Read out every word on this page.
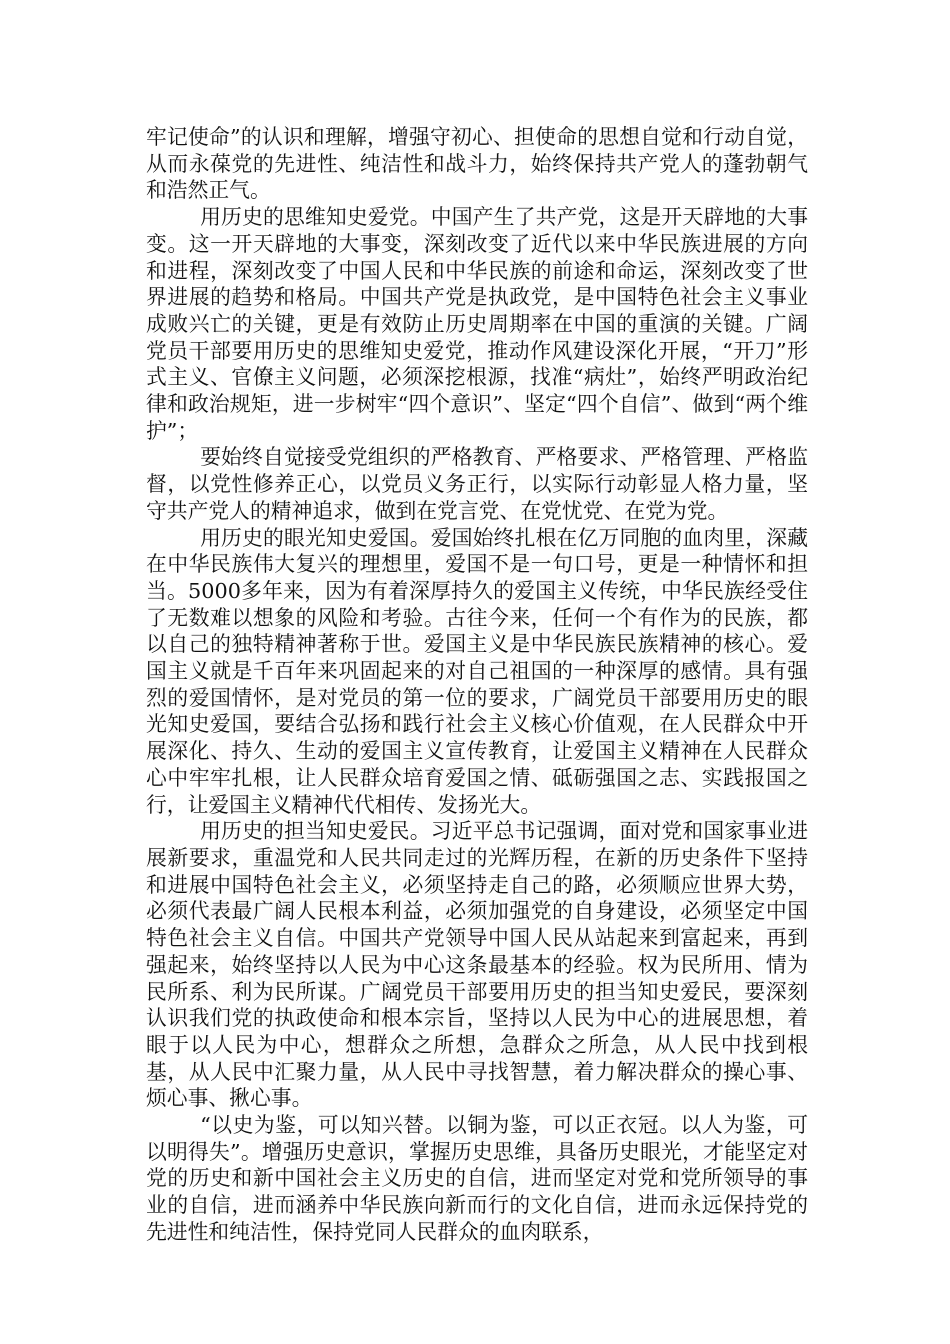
牢记使命”的认识和理解，增强守初心、担使命的思想自觉和行动自觉，从而永葆党的先进性、纯洁性和战斗力，始终保持共产党人的蓬勃朝气和浩然正气。

用历史的思维知史爱党。中国产生了共产党，这是开天辟地的大事变。这一开天辟地的大事变，深刻改变了近代以来中华民族进展的方向和进程，深刻改变了中国人民和中华民族的前途和命运，深刻改变了世界进展的趋势和格局。中国共产党是执政党，是中国特色社会主义事业成败兴亡的关键，更是有效防止历史周期率在中国的重演的关键。广阔党员干部要用历史的思维知史爱党，推动作风建设深化开展，“开刀”形式主义、官僚主义问题，必须深挖根源，找准“病灶”，始终严明政治纪律和政治规矩，进一步树牢“四个意识”、坚定“四个自信”、做到“两个维护”；

要始终自觉接受党组织的严格教育、严格要求、严格管理、严格监督，以党性修养正心，以党员义务正行，以实际行动彰显人格力量，坚守共产党人的精神追求，做到在党言党、在党忧党、在党为党。

用历史的眼光知史爱国。爱国始终扎根在亿万同胞的血肉里，深藏在中华民族伟大复兴的理想里，爱国不是一句口号，更是一种情怀和担当。5000多年来，因为有着深厚持久的爱国主义传统，中华民族经受住了无数难以想象的风险和考验。古往今来，任何一个有作为的民族，都以自己的独特精神著称于世。爱国主义是中华民族民族精神的核心。爱国主义就是千百年来巩固起来的对自己祖国的一种深厚的感情。具有强烈的爱国情怀，是对党员的第一位的要求，广阔党员干部要用历史的眼光知史爱国，要结合弘扬和践行社会主义核心价值观，在人民群众中开展深化、持久、生动的爱国主义宣传教育，让爱国主义精神在人民群众心中牢牢扎根，让人民群众培育爱国之情、砥砺强国之志、实践报国之行，让爱国主义精神代代相传、发扬光大。

用历史的担当知史爱民。习近平总书记强调，面对党和国家事业进展新要求，重温党和人民共同走过的光辉历程，在新的历史条件下坚持和进展中国特色社会主义，必须坚持走自己的路，必须顺应世界大势，必须代表最广阔人民根本利益，必须加强党的自身建设，必须坚定中国特色社会主义自信。中国共产党领导中国人民从站起来到富起来，再到强起来，始终坚持以人民为中心这条最基本的经验。权为民所用、情为民所系、利为民所谋。广阔党员干部要用历史的担当知史爱民，要深刻认识我们党的执政使命和根本宗旨，坚持以人民为中心的进展思想，着眼于以人民为中心，想群众之所想，急群众之所急，从人民中找到根基，从人民中汇聚力量，从人民中寻找智慧，着力解决群众的操心事、烦心事、揪心事。

“以史为鉴，可以知兴替。以铜为鉴，可以正衣冠。以人为鉴，可以明得失”。增强历史意识，掌握历史思维，具备历史眼光，才能坚定对党的历史和新中国社会主义历史的自信，进而坚定对党和党所领导的事业的自信，进而涵养中华民族向新而行的文化自信，进而永远保持党的先进性和纯洁性，保持党同人民群众的血肉联系，
